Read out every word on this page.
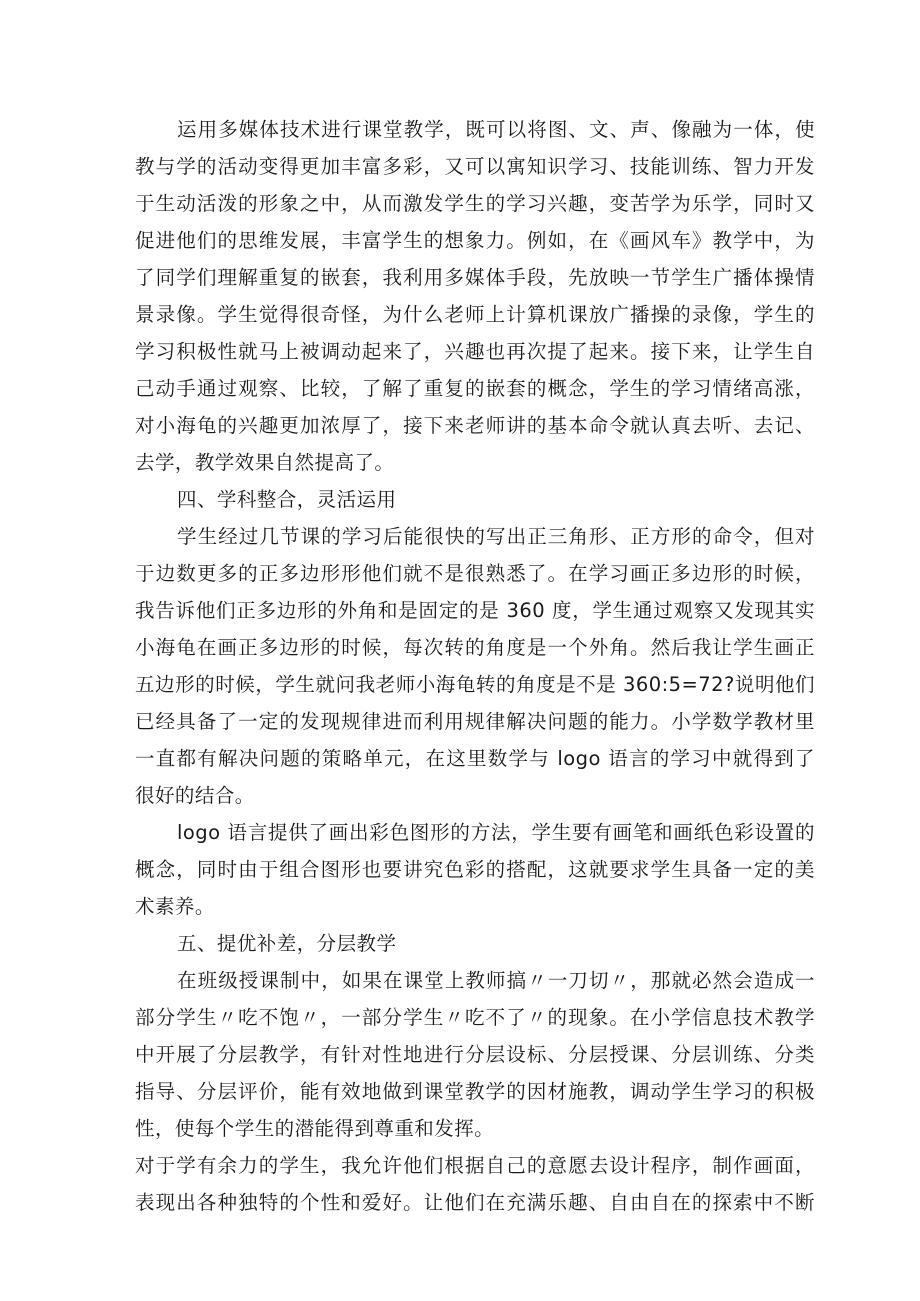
运用多媒体技术进行课堂教学，既可以将图、文、声、像融为一体，使
教与学的活动变得更加丰富多彩，又可以寓知识学习、技能训练、智力开发
于生动活泼的形象之中，从而激发学生的学习兴趣，变苦学为乐学，同时又
促进他们的思维发展，丰富学生的想象力。例如，在《画风车》教学中，为
了同学们理解重复的嵌套，我利用多媒体手段，先放映一节学生广播体操情
景录像。学生觉得很奇怪，为什么老师上计算机课放广播操的录像，学生的
学习积极性就马上被调动起来了，兴趣也再次提了起来。接下来，让学生自
己动手通过观察、比较，了解了重复的嵌套的概念，学生的学习情绪高涨，
对小海龟的兴趣更加浓厚了，接下来老师讲的基本命令就认真去听、去记、
去学，教学效果自然提高了。
四、学科整合，灵活运用
学生经过几节课的学习后能很快的写出正三角形、正方形的命令，但对
于边数更多的正多边形形他们就不是很熟悉了。在学习画正多边形的时候，
我告诉他们正多边形的外角和是固定的是 360 度，学生通过观察又发现其实
小海龟在画正多边形的时候，每次转的角度是一个外角。然后我让学生画正
五边形的时候，学生就问我老师小海龟转的角度是不是 360:5=72?说明他们
已经具备了一定的发现规律进而利用规律解决问题的能力。小学数学教材里
一直都有解决问题的策略单元，在这里数学与 logo 语言的学习中就得到了
很好的结合。
logo 语言提供了画出彩色图形的方法，学生要有画笔和画纸色彩设置的
概念，同时由于组合图形也要讲究色彩的搭配，这就要求学生具备一定的美
术素养。
五、提优补差，分层教学
在班级授课制中，如果在课堂上教师搞〃一刀切〃，那就必然会造成一
部分学生〃吃不饱〃，一部分学生〃吃不了〃的现象。在小学信息技术教学
中开展了分层教学，有针对性地进行分层设标、分层授课、分层训练、分类
指导、分层评价，能有效地做到课堂教学的因材施教，调动学生学习的积极
性，使每个学生的潜能得到尊重和发挥。
对于学有余力的学生，我允许他们根据自己的意愿去设计程序，制作画面，
表现出各种独特的个性和爱好。让他们在充满乐趣、自由自在的探索中不断
